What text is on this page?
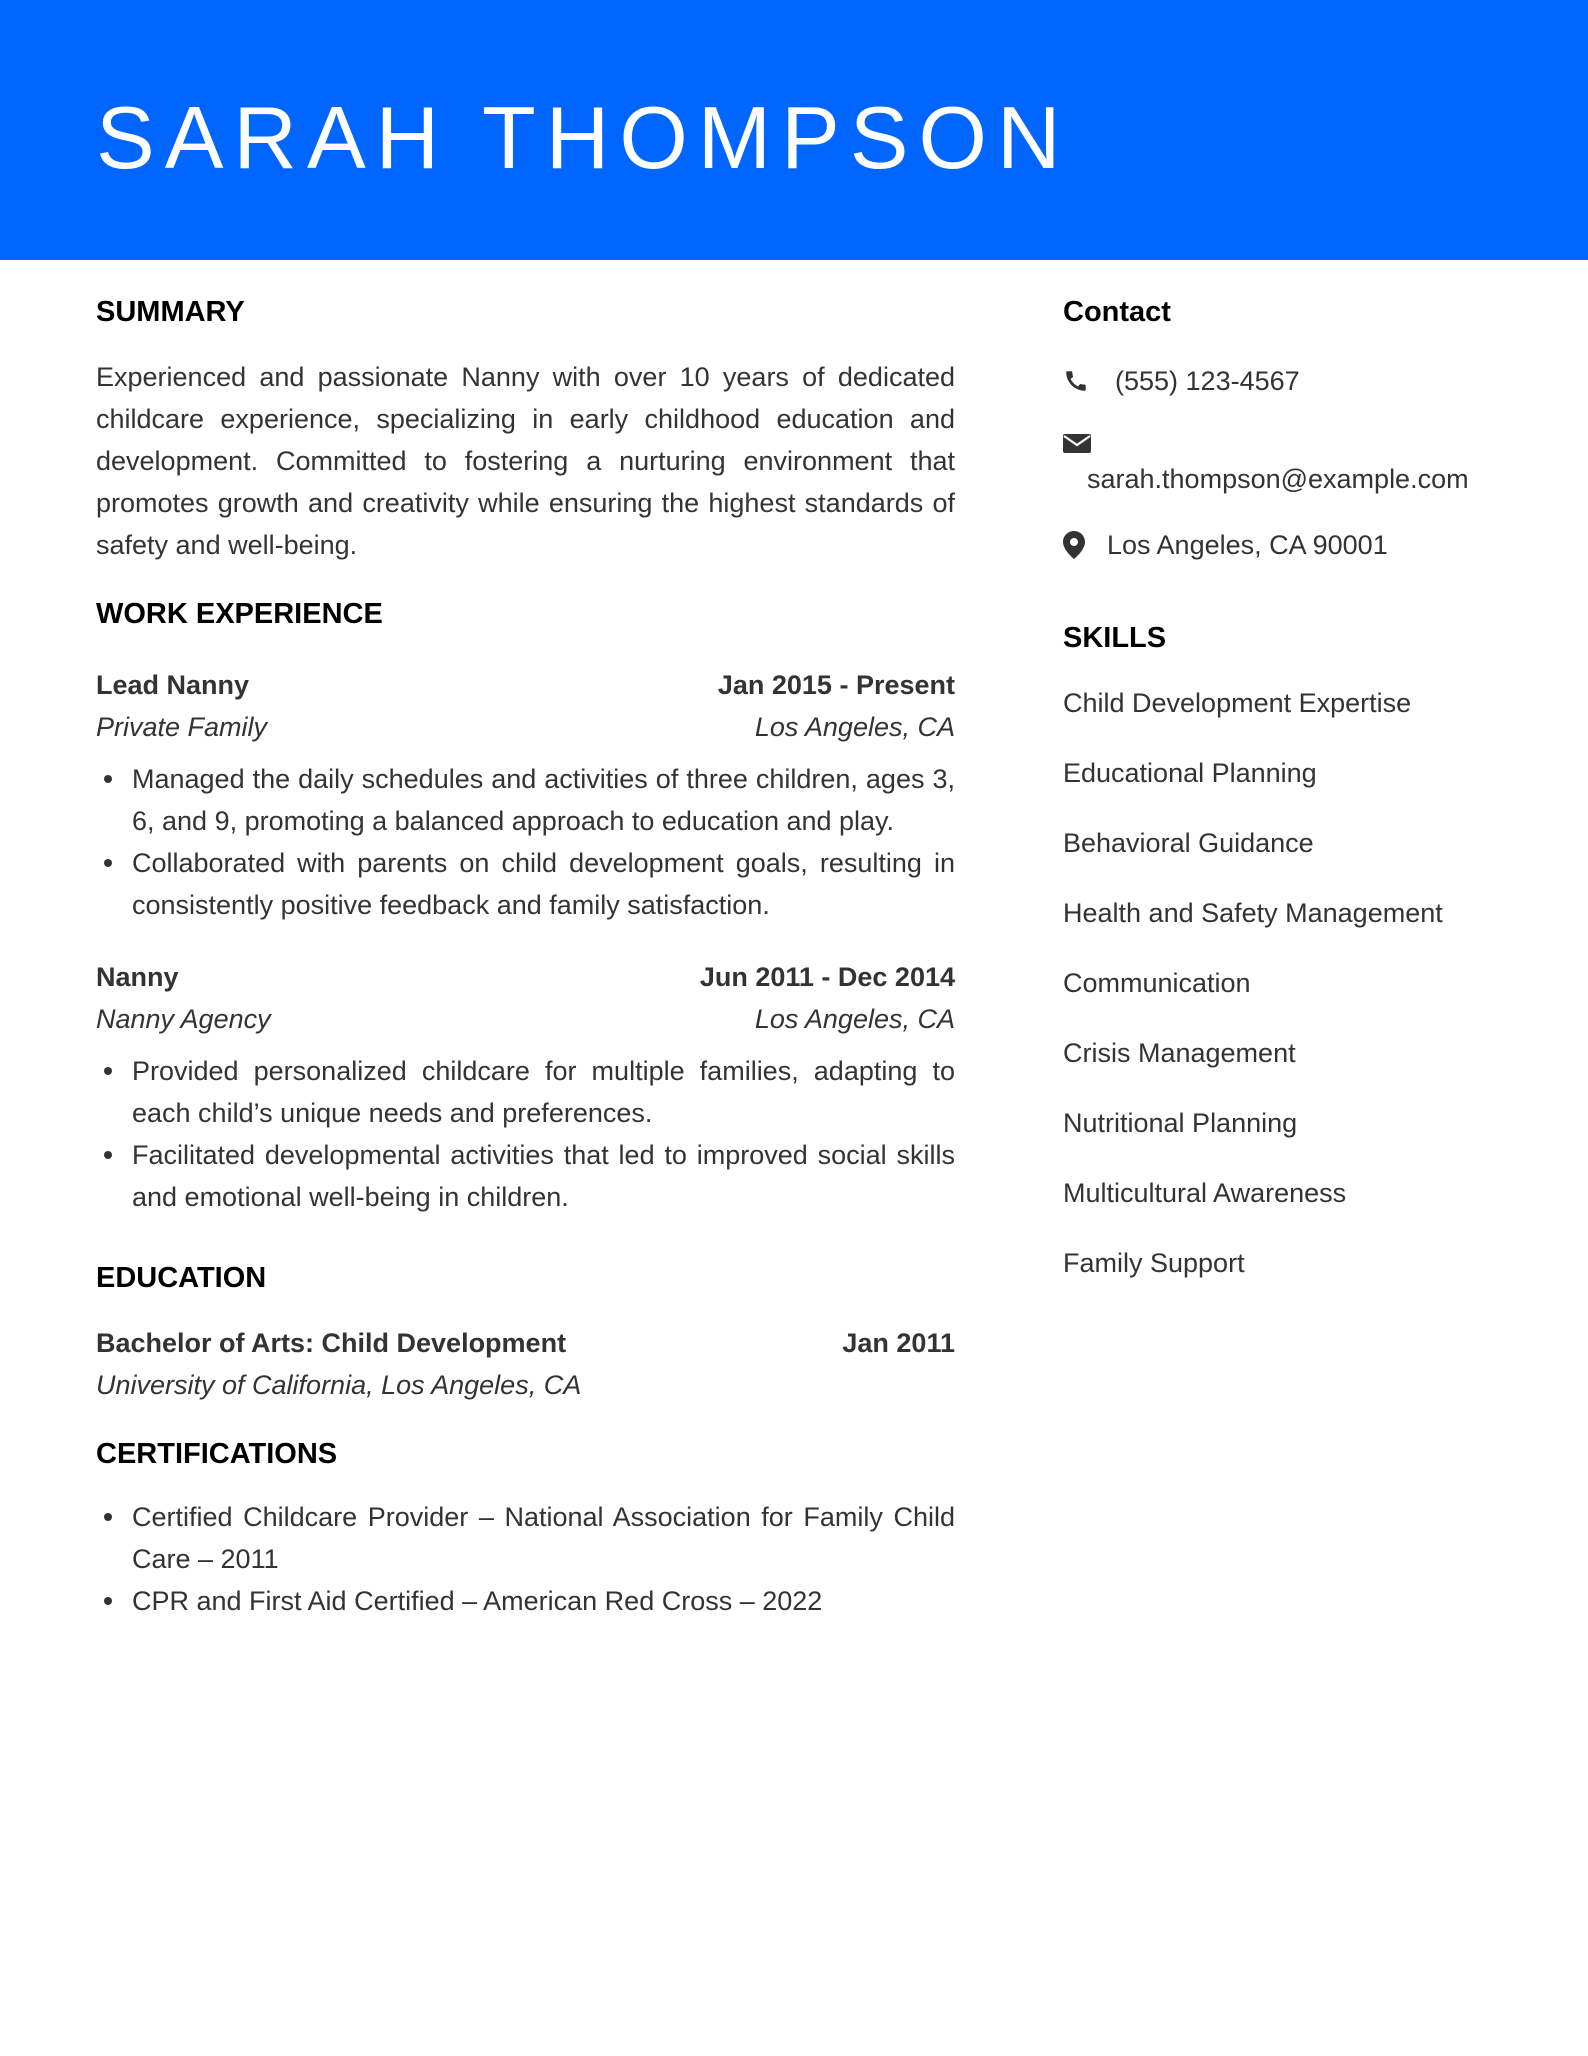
SARAH THOMPSON
SUMMARY

Experienced and passionate Nanny with over 10 years of dedicated childcare experience, specializing in early childhood education and development. Committed to fostering a nurturing environment that promotes growth and creativity while ensuring the highest standards of safety and well-being.

WORK EXPERIENCE
Lead Nanny	Jan 2015 - Present
Private Family	Los Angeles, CA
Managed the daily schedules and activities of three children, ages 3, 6, and 9, promoting a balanced approach to education and play.
Collaborated with parents on child development goals, resulting in consistently positive feedback and family satisfaction.
Nanny	Jun 2011 - Dec 2014
Nanny Agency	Los Angeles, CA
Provided personalized childcare for multiple families, adapting to each child’s unique needs and preferences.
Facilitated developmental activities that led to improved social skills and emotional well-being in children.
EDUCATION
Bachelor of Arts: Child Development	Jan 2011
University of California, Los Angeles, CA
CERTIFICATIONS
Certified Childcare Provider – National Association for Family Child Care – 2011
CPR and First Aid Certified – American Red Cross – 2022
Contact
(555) 123-4567
sarah.thompson@example.com
Los Angeles, CA 90001
SKILLS
Child Development Expertise
Educational Planning
Behavioral Guidance
Health and Safety Management
Communication
Crisis Management
Nutritional Planning
Multicultural Awareness
Family Support
